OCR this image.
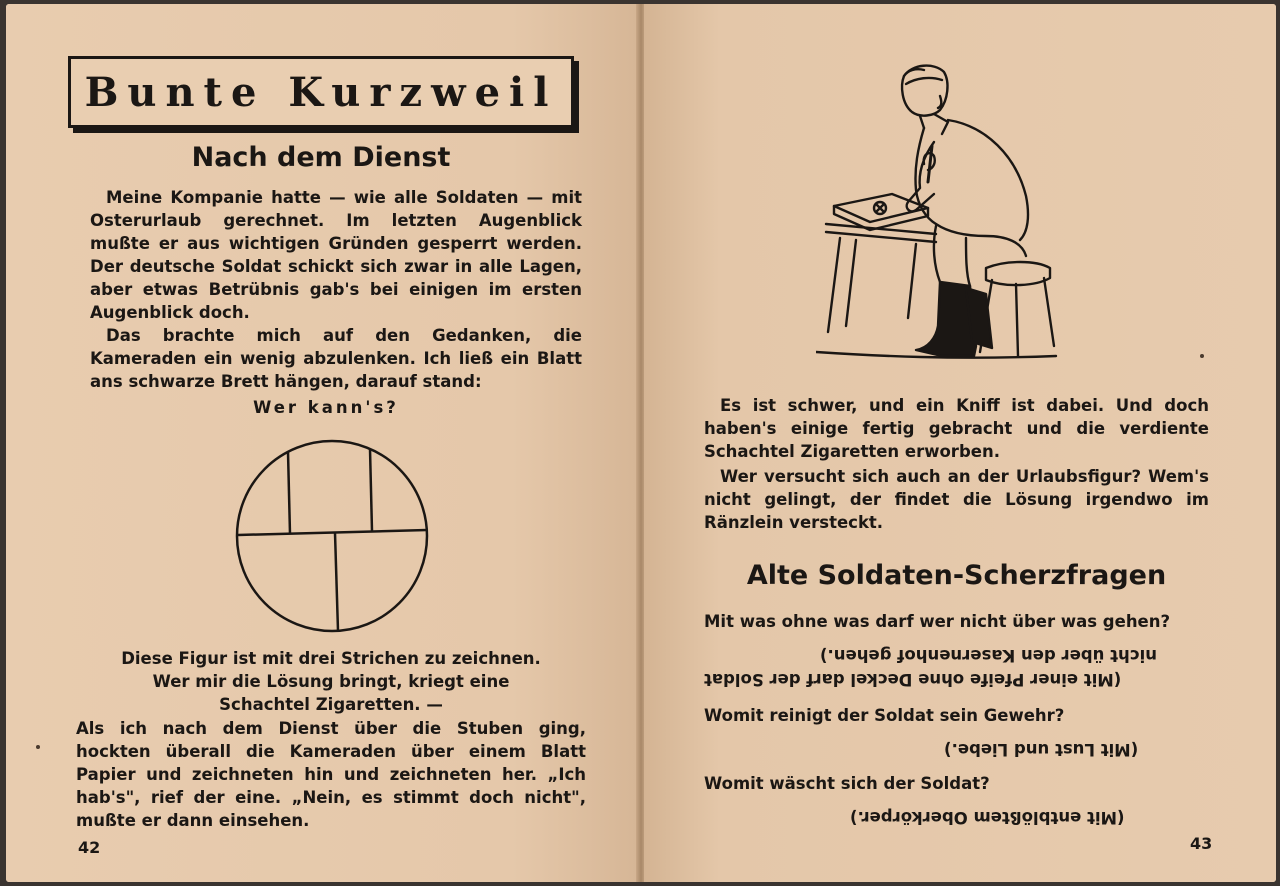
Bunte Kurzweil
Nach dem Dienst

Meine Kompanie hatte — wie alle Soldaten — mit Osterurlaub gerechnet. Im letzten Augenblick mußte er aus wichtigen Gründen gesperrt werden. Der deutsche Soldat schickt sich zwar in alle Lagen, aber etwas Betrübnis gab's bei einigen im ersten Augenblick doch.

Das brachte mich auf den Gedanken, die Kameraden ein wenig abzulenken. Ich ließ ein Blatt ans schwarze Brett hängen, darauf stand:

Wer kann's?
Diese Figur ist mit drei Strichen zu zeichnen.
Wer mir die Lösung bringt, kriegt eine
Schachtel Zigaretten. —

Als ich nach dem Dienst über die Stuben ging, hockten überall die Kameraden über einem Blatt Papier und zeichneten hin und zeichneten her. „Ich hab's", rief der eine. „Nein, es stimmt doch nicht", mußte er dann einsehen.

42

Es ist schwer, und ein Kniff ist dabei. Und doch haben's einige fertig gebracht und die verdiente Schachtel Zigaretten erworben.

Wer versucht sich auch an der Urlaubsfigur? Wem's nicht gelingt, der findet die Lösung irgendwo im Ränzlein versteckt.

Alte Soldaten-Scherzfragen
Mit was ohne was darf wer nicht über was gehen?
nicht über den Kasernenhof gehen.)
(Mit einer Pfeife ohne Deckel darf der Soldat
Womit reinigt der Soldat sein Gewehr?
(Mit Lust und Liebe.)
Womit wäscht sich der Soldat?
(Mit entblößtem Oberkörper.)
43
